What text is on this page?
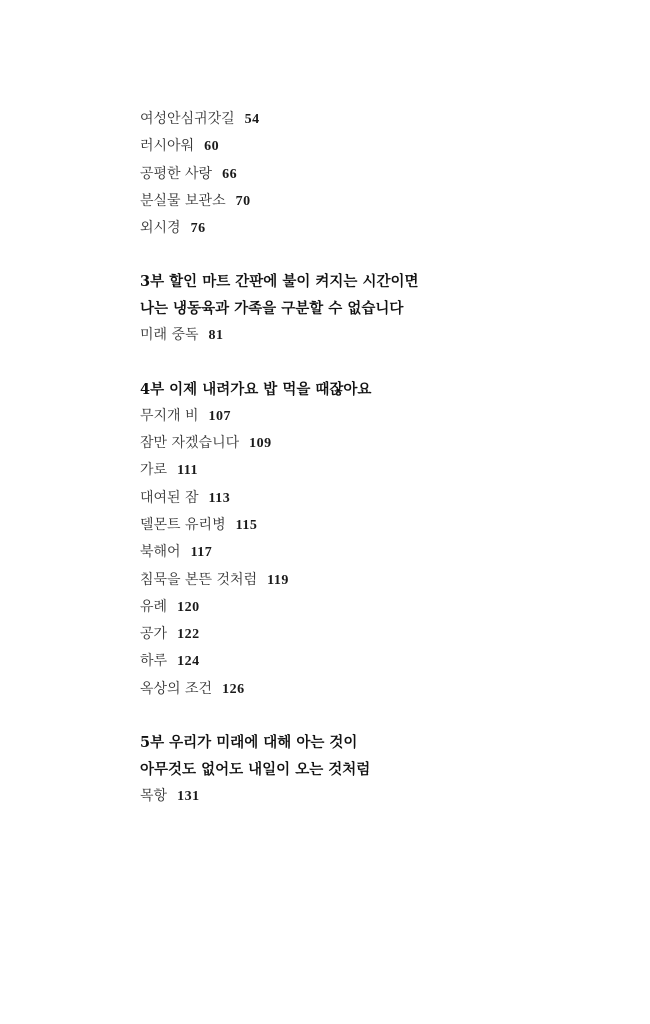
여성안심귀갓길 54
러시아워 60
공평한 사랑 66
분실물 보관소 70
외시경 76
3부 할인 마트 간판에 불이 켜지는 시간이면
나는 냉동육과 가족을 구분할 수 없습니다
미래 중독 81
4부 이제 내려가요 밥 먹을 때잖아요
무지개 비 107
잠만 자겠습니다 109
가로 111
대여된 잠 113
델몬트 유리병 115
북해어 117
침묵을 본뜬 것처럼 119
유례 120
공가 122
하루 124
옥상의 조건 126
5부 우리가 미래에 대해 아는 것이
아무것도 없어도 내일이 오는 것처럼
목항 131
